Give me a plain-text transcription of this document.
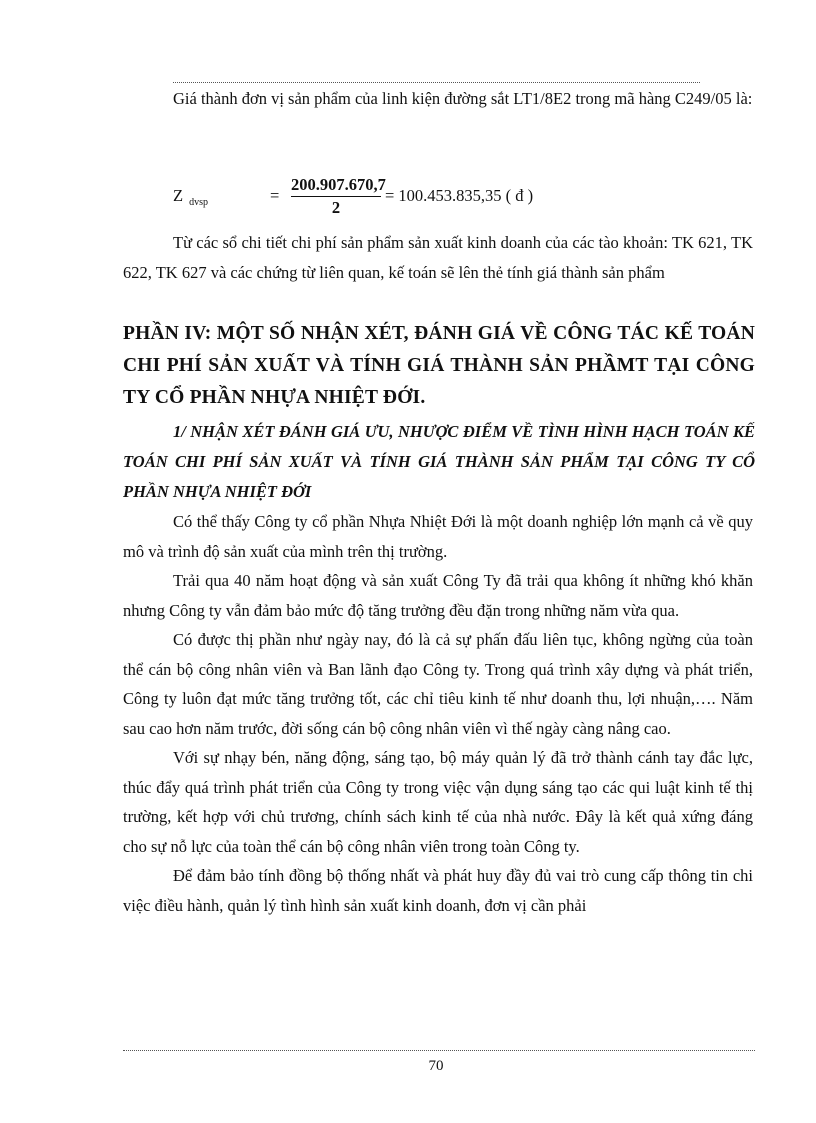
Giá thành đơn vị sản phẩm của linh kiện đường sắt LT1/8E2 trong mã hàng C249/05 là:

Z $_{dvsp}$	= $\frac{200.907.670,7}{2} = 100.453.835,35$ ( đ )

Từ các sổ chi tiết chi phí sản phẩm sản xuất kinh doanh của các tào khoản: TK 621, TK 622, TK 627 và các chứng từ liên quan, kế toán sẽ lên thẻ tính giá thành sản phẩm

PHẦN IV: MỘT SỐ NHẬN XÉT, ĐÁNH GIÁ VỀ CÔNG TÁC KẾ TOÁN CHI PHÍ SẢN XUẤT VÀ TÍNH GIÁ THÀNH SẢN PHẦMT TẠI CÔNG TY CỔ PHẦN NHỰA NHIỆT ĐỚI.
1/ NHẬN XÉT ĐÁNH GIÁ ƯU, NHƯỢC ĐIỂM VỀ TÌNH HÌNH HẠCH TOÁN KẾ TOÁN CHI PHÍ SẢN XUẤT VÀ TÍNH GIÁ THÀNH SẢN PHẨM TẠI CÔNG TY CỔ PHẦN NHỰA NHIỆT ĐỚI

Có thể thấy Công ty cổ phần Nhựa Nhiệt Đới là một doanh nghiệp lớn mạnh cả về quy mô và trình độ sản xuất của mình trên thị trường.

Trải qua 40 năm hoạt động và sản xuất Công Ty đã trải qua không ít những khó khăn nhưng Công ty vẫn đảm bảo mức độ tăng trưởng đều đặn trong những năm vừa qua.

Có được thị phần như ngày nay, đó là cả sự phấn đấu liên tục, không ngừng của toàn thể cán bộ công nhân viên và Ban lãnh đạo Công ty. Trong quá trình xây dựng và phát triển, Công ty luôn đạt mức tăng trưởng tốt, các chỉ tiêu kinh tế như doanh thu, lợi nhuận,…. Năm sau cao hơn năm trước, đời sống cán bộ công nhân viên vì thế ngày càng nâng cao.

Với sự nhạy bén, năng động, sáng tạo, bộ máy quản lý đã trở thành cánh tay đắc lực, thúc đẩy quá trình phát triển của Công ty trong việc vận dụng sáng tạo các qui luật kinh tế thị trường, kết hợp với chủ trương, chính sách kinh tế của nhà nước. Đây là kết quả xứng đáng cho sự nỗ lực của toàn thể cán bộ công nhân viên trong toàn Công ty.

Để đảm bảo tính đồng bộ thống nhất và phát huy đầy đủ vai trò cung cấp thông tin chi việc điều hành, quản lý tình hình sản xuất kinh doanh, đơn vị cần phải

70
